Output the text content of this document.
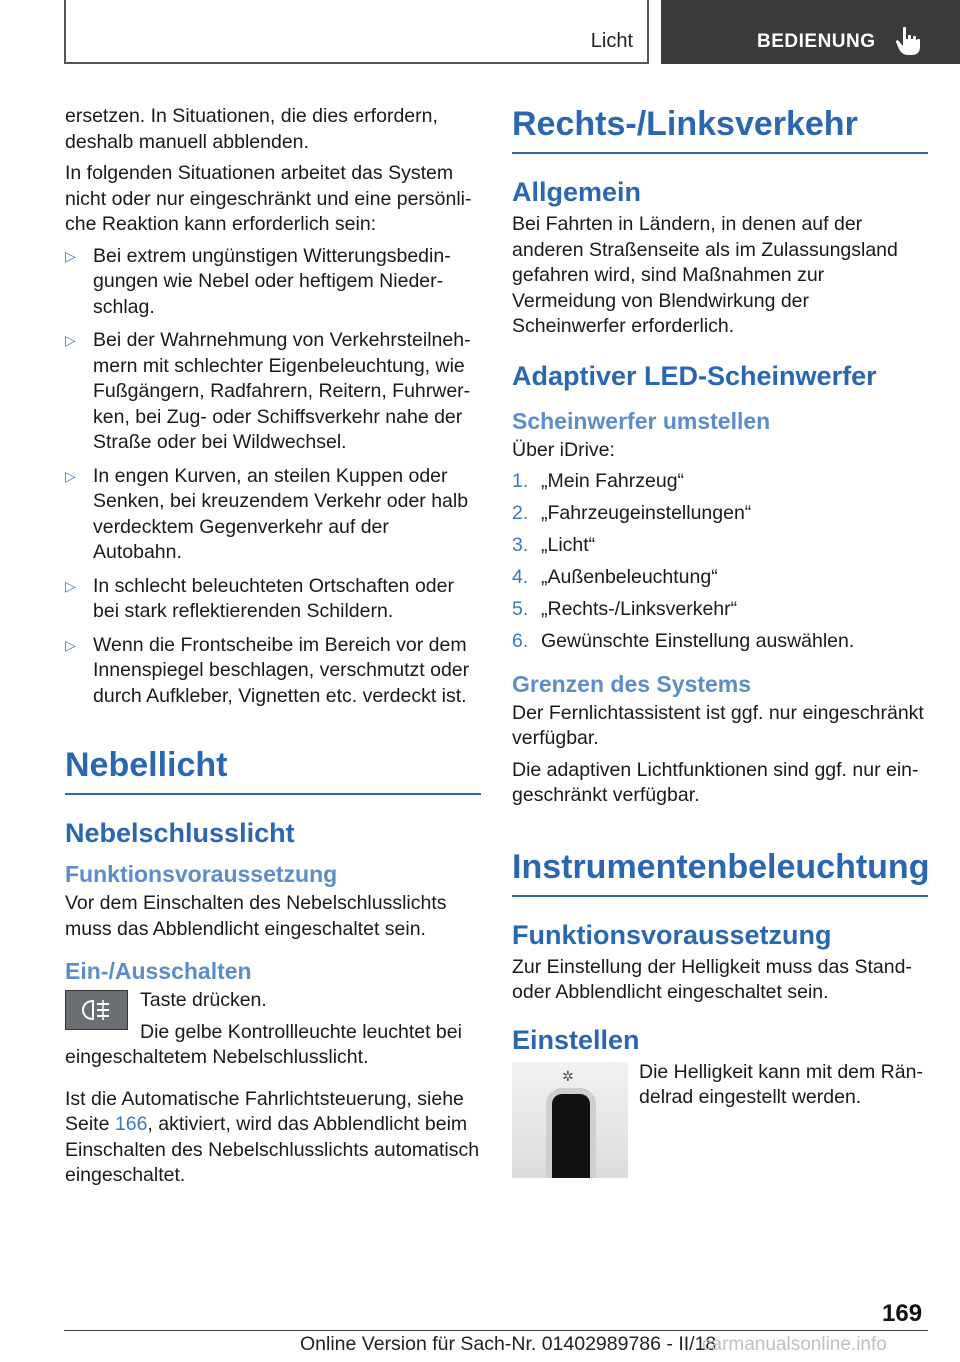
Licht	BEDIENUNG

ersetzen. In Situationen, die dies erfordern, deshalb manuell abblenden.

In folgenden Situationen arbeitet das System nicht oder nur eingeschränkt und eine persönliche Reaktion kann erforderlich sein:

▷ Bei extrem ungünstigen Witterungsbedingungen wie Nebel oder heftigem Niederschlag.
▷ Bei der Wahrnehmung von Verkehrsteilnehmern mit schlechter Eigenbeleuchtung, wie Fußgängern, Radfahrern, Reitern, Fuhrwerken, bei Zug- oder Schiffsverkehr nahe der Straße oder bei Wildwechsel.
▷ In engen Kurven, an steilen Kuppen oder Senken, bei kreuzendem Verkehr oder halb verdecktem Gegenverkehr auf der Autobahn.
▷ In schlecht beleuchteten Ortschaften oder bei stark reflektierenden Schildern.
▷ Wenn die Frontscheibe im Bereich vor dem Innenspiegel beschlagen, verschmutzt oder durch Aufkleber, Vignetten etc. verdeckt ist.
Nebellicht
Nebelschlusslicht
Funktionsvoraussetzung

Vor dem Einschalten des Nebelschlusslichts muss das Abblendlicht eingeschaltet sein.

Ein-/Ausschalten

Taste drücken.

Die gelbe Kontrollleuchte leuchtet bei eingeschaltetem Nebelschlusslicht.

Ist die Automatische Fahrlichtsteuerung, siehe Seite 166, aktiviert, wird das Abblendlicht beim Einschalten des Nebelschlusslichts automatisch eingeschaltet.

Rechts-/Linksverkehr
Allgemein

Bei Fahrten in Ländern, in denen auf der anderen Straßenseite als im Zulassungsland gefahren wird, sind Maßnahmen zur Vermeidung von Blendwirkung der Scheinwerfer erforderlich.

Adaptiver LED-Scheinwerfer
Scheinwerfer umstellen

Über iDrive:

1. „Mein Fahrzeug“
2. „Fahrzeugeinstellungen“
3. „Licht“
4. „Außenbeleuchtung“
5. „Rechts-/Linksverkehr“
6. Gewünschte Einstellung auswählen.
Grenzen des Systems

Der Fernlichtassistent ist ggf. nur eingeschränkt verfügbar.

Die adaptiven Lichtfunktionen sind ggf. nur eingeschränkt verfügbar.

Instrumentenbeleuchtung
Funktionsvoraussetzung

Zur Einstellung der Helligkeit muss das Stand- oder Abblendlicht eingeschaltet sein.

Einstellen
✲	Die Helligkeit kann mit dem Rändelrad eingestellt werden.

169
Online Version für Sach-Nr. 01402989786 - II/18
carmanualsonline.info
